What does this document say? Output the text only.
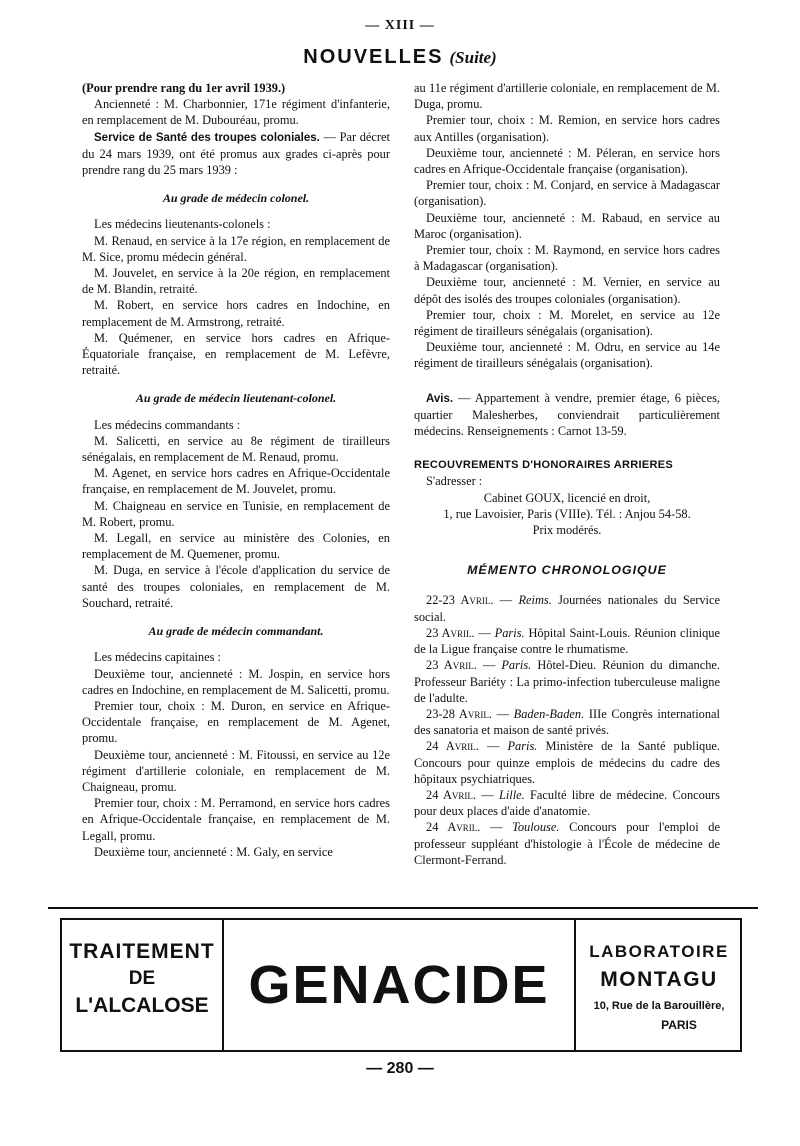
— XIII —
NOUVELLES (Suite)

(Pour prendre rang du 1er avril 1939.)

Ancienneté : M. Charbonnier, 171e régiment d'infanterie, en remplacement de M. Dubouréau, promu.

Service de Santé des troupes coloniales. — Par décret du 24 mars 1939, ont été promus aux grades ci-après pour prendre rang du 25 mars 1939 :

Au grade de médecin colonel.

Les médecins lieutenants-colonels :

M. Renaud, en service à la 17e région, en remplacement de M. Sice, promu médecin général.

M. Jouvelet, en service à la 20e région, en remplacement de M. Blandin, retraité.

M. Robert, en service hors cadres en Indochine, en remplacement de M. Armstrong, retraité.

M. Quémener, en service hors cadres en Afrique-Équatoriale française, en remplacement de M. Lefèvre, retraité.

Au grade de médecin lieutenant-colonel.

Les médecins commandants :

M. Salicetti, en service au 8e régiment de tirailleurs sénégalais, en remplacement de M. Renaud, promu.

M. Agenet, en service hors cadres en Afrique-Occidentale française, en remplacement de M. Jouvelet, promu.

M. Chaigneau en service en Tunisie, en remplacement de M. Robert, promu.

M. Legall, en service au ministère des Colonies, en remplacement de M. Quemener, promu.

M. Duga, en service à l'école d'application du service de santé des troupes coloniales, en remplacement de M. Souchard, retraité.

Au grade de médecin commandant.

Les médecins capitaines :

Deuxième tour, ancienneté : M. Jospin, en service hors cadres en Indochine, en remplacement de M. Salicetti, promu.

Premier tour, choix : M. Duron, en service en Afrique-Occidentale française, en remplacement de M. Agenet, promu.

Deuxième tour, ancienneté : M. Fitoussi, en service au 12e régiment d'artillerie coloniale, en remplacement de M. Chaigneau, promu.

Premier tour, choix : M. Perramond, en service hors cadres en Afrique-Occidentale française, en remplacement de M. Legall, promu.

Deuxième tour, ancienneté : M. Galy, en service

au 11e régiment d'artillerie coloniale, en remplacement de M. Duga, promu.

Premier tour, choix : M. Remion, en service hors cadres aux Antilles (organisation).

Deuxième tour, ancienneté : M. Péleran, en service hors cadres en Afrique-Occidentale française (organisation).

Premier tour, choix : M. Conjard, en service à Madagascar (organisation).

Deuxième tour, ancienneté : M. Rabaud, en service au Maroc (organisation).

Premier tour, choix : M. Raymond, en service hors cadres à Madagascar (organisation).

Deuxième tour, ancienneté : M. Vernier, en service au dépôt des isolés des troupes coloniales (organisation).

Premier tour, choix : M. Morelet, en service au 12e régiment de tirailleurs sénégalais (organisation).

Deuxième tour, ancienneté : M. Odru, en service au 14e régiment de tirailleurs sénégalais (organisation).

Avis. — Appartement à vendre, premier étage, 6 pièces, quartier Malesherbes, conviendrait particulièrement médecins. Renseignements : Carnot 13-59.

RECOUVREMENTS D'HONORAIRES ARRIERES

S'adresser :

Cabinet GOUX, licencié en droit,

1, rue Lavoisier, Paris (VIIIe). Tél. : Anjou 54-58.

Prix modérés.

MÉMENTO CHRONOLOGIQUE

22-23 Avril. — Reims. Journées nationales du Service social.

23 Avril. — Paris. Hôpital Saint-Louis. Réunion clinique de la Ligue française contre le rhumatisme.

23 Avril. — Paris. Hôtel-Dieu. Réunion du dimanche. Professeur Bariéty : La primo-infection tuberculeuse maligne de l'adulte.

23-28 Avril. — Baden-Baden. IIIe Congrès international des sanatoria et maison de santé privés.

24 Avril. — Paris. Ministère de la Santé publique. Concours pour quinze emplois de médecins du cadre des hôpitaux psychiatriques.

24 Avril. — Lille. Faculté libre de médecine. Concours pour deux places d'aide d'anatomie.

24 Avril. — Toulouse. Concours pour l'emploi de professeur suppléant d'histologie à l'École de médecine de Clermont-Ferrand.

TRAITEMENT
DE
L'ALCALOSE GENACIDE
LABORATOIRE
MONTAGU
10, Rue de la Barouillère,
PARIS
— 280 —
